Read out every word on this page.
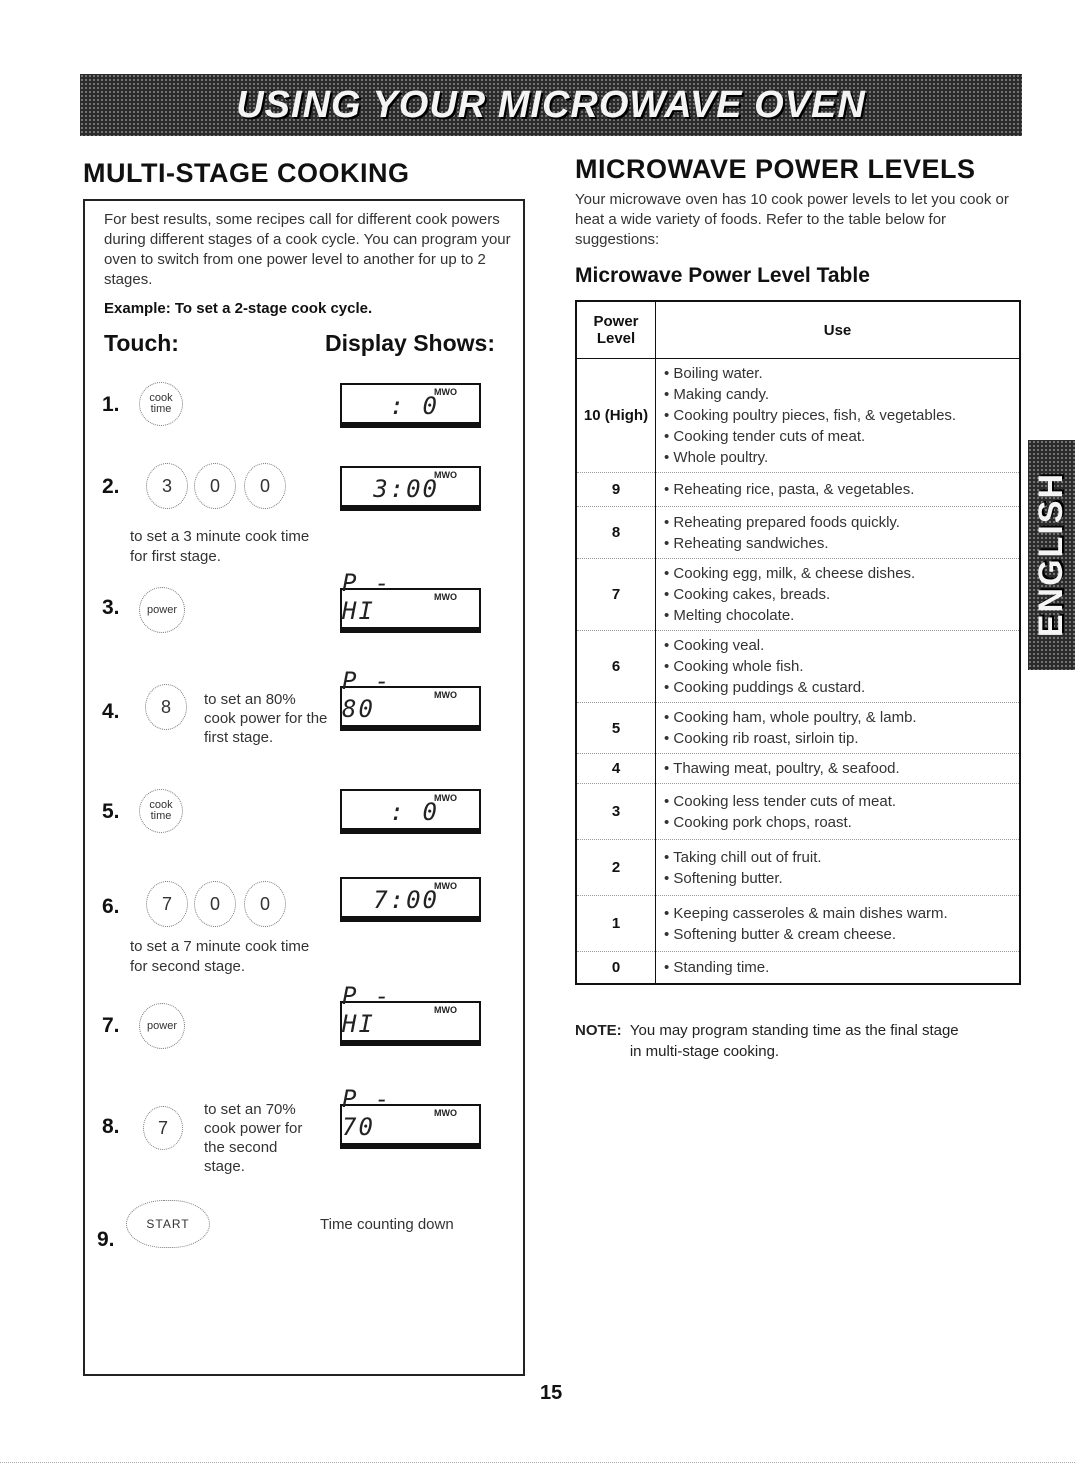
USING YOUR MICROWAVE OVEN
MULTI-STAGE COOKING	MICROWAVE POWER LEVELS
For best results, some recipes call for different cook powers during different stages of a cook cycle. You can program your oven to switch from one power level to another for up to 2 stages.
Example: To set a 2-stage cook cycle.
Touch:	Display Shows:
1.	cook time
MWO
: 0
2.	3	0	0
MWO
3:00
to set a 3 minute cook time for first stage.
3.	power
MWO
P - HI
4.	8	to set an 80% cook power for the first stage.
MWO
P - 80
5.	cook time
MWO
: 0
6.	7	0	0
MWO
7:00
to set a 7 minute cook time for second stage.
7.	power
MWO
P - HI
8.	7
to set an 70% cook power for the second stage.
MWO
P - 70
9.
START	Time counting down
Your microwave oven has 10 cook power levels to let you cook or heat a wide variety of foods. Refer to the table below for suggestions:
Microwave Power Level Table
Power Level	Use
10 (High)	• Boiling water.
• Making candy.
• Cooking poultry pieces, fish, & vegetables.
• Cooking tender cuts of meat.
• Whole poultry.

9	• Reheating rice, pasta, & vegetables.

8	• Reheating prepared foods quickly.
• Reheating sandwiches.

7	• Cooking egg, milk, & cheese dishes.
• Cooking cakes, breads.
• Melting chocolate.

6	• Cooking veal.
• Cooking whole fish.
• Cooking puddings & custard.

5	• Cooking ham, whole poultry, & lamb.
• Cooking rib roast, sirloin tip.

4	• Thawing meat, poultry, & seafood.

3	• Cooking less tender cuts of meat.
• Cooking pork chops, roast.

2	• Taking chill out of fruit.
• Softening butter.

1	• Keeping casseroles & main dishes warm.
• Softening butter & cream cheese.

0	• Standing time.
NOTE: You may program standing time as the final stage in multi-stage cooking.
ENGLISH
15
